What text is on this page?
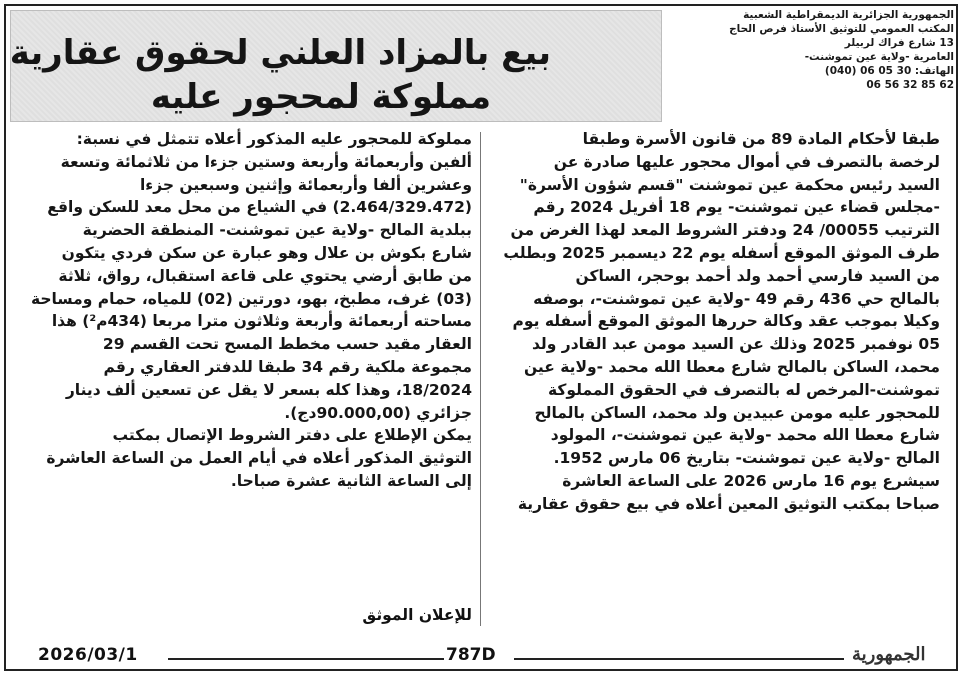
الجمهورية الجزائرية الديمقراطية الشعبية
المكتب العمومي للتوثيق الأستاذ فرص الحاج
13 شارع فراك لربيلر
العامرية -ولاية عين تموشنت-
الهاتف: 30 05 06 (040)
06 56 32 85 62
بيع بالمزاد العلني لحقوق عقارية
مملوكة لمحجور عليه
طبقا لأحكام المادة 89 من قانون الأسرة وطبقا
لرخصة بالتصرف في أموال محجور عليها صادرة عن
السيد رئيس محكمة عين تموشنت "قسم شؤون الأسرة"
-مجلس قضاء عين تموشنت- يوم 18 أفريل 2024 رقم
الترتيب 00055/ 24 ودفتر الشروط المعد لهذا الغرض من
طرف الموثق الموقع أسفله يوم 22 ديسمبر 2025 وبطلب
من السيد فارسي أحمد ولد أحمد بوحجر، الساكن
بالمالح حي 436 رقم 49 -ولاية عين تموشنت-، بوصفه
وكيلا بموجب عقد وكالة حررها الموثق الموقع أسفله يوم
05 نوفمبر 2025 وذلك عن السيد مومن عبد القادر ولد
محمد، الساكن بالمالح شارع معطا الله محمد -ولاية عين
تموشنت-المرخص له بالتصرف في الحقوق المملوكة
للمحجور عليه مومن عبيدين ولد محمد، الساكن بالمالح
شارع معطا الله محمد -ولاية عين تموشنت-، المولود
المالح -ولاية عين تموشنت- بتاريخ 06 مارس 1952.
سيشرع يوم 16 مارس 2026 على الساعة العاشرة
صباحا بمكتب التوثيق المعين أعلاه في بيع حقوق عقارية
مملوكة للمحجور عليه المذكور أعلاه تتمثل في نسبة:
ألفين وأربعمائة وأربعة وستين جزءا من ثلاثمائة وتسعة
وعشرين ألفا وأربعمائة وإثنين وسبعين جزءا
(2.464/329.472) في الشياع من محل معد للسكن واقع
ببلدية المالح -ولاية عين تموشنت- المنطقة الحضرية
شارع بكوش بن علال وهو عبارة عن سكن فردي يتكون
من طابق أرضي يحتوي على قاعة استقبال، رواق، ثلاثة
(03) غرف، مطبخ، بهو، دورتين (02) للمياه، حمام ومساحة
مساحته أربعمائة وأربعة وثلاثون مترا مربعا (434م²) هذا
العقار مقيد حسب مخطط المسح تحت القسم 29
مجموعة ملكية رقم 34 طبقا للدفتر العقاري رقم
18/2024، وهذا كله بسعر لا يقل عن تسعين ألف دينار
جزائري (90.000,00دج).
يمكن الإطلاع على دفتر الشروط الإتصال بمكتب
التوثيق المذكور أعلاه في أيام العمل من الساعة العاشرة
إلى الساعة الثانية عشرة صباحا.
للإعلان الموثق
2026/03/1	787D	الجمهورية
